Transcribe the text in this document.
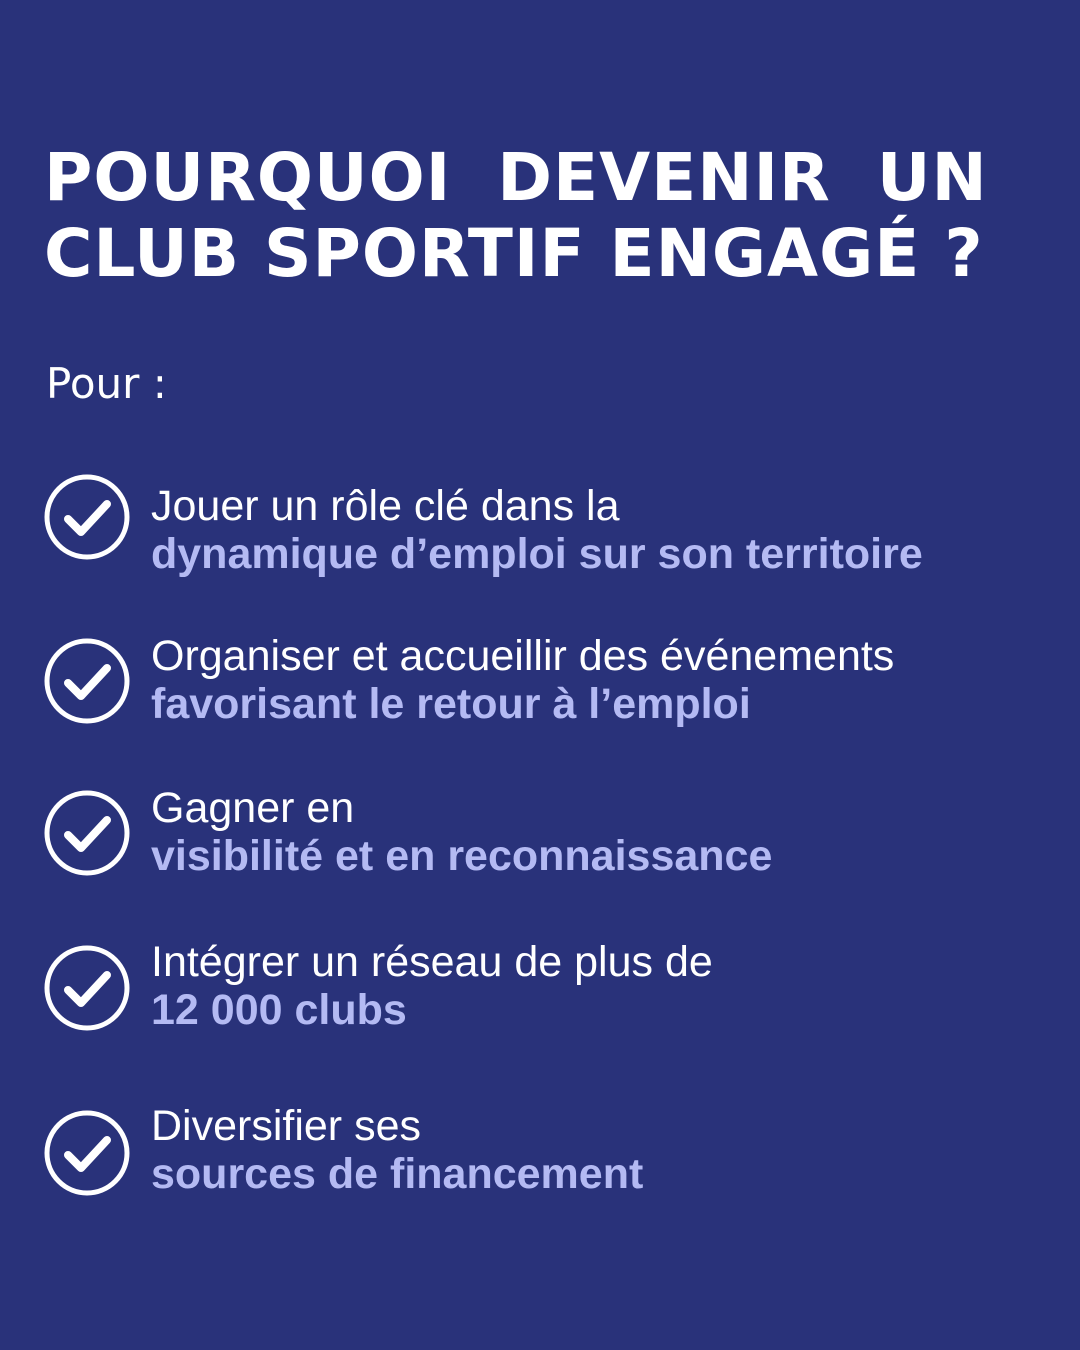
POURQUOI DEVENIR UN
CLUB SPORTIF ENGAGÉ ?

Pour :

Jouer un rôle clé dans la
dynamique d’emploi sur son territoire
Organiser et accueillir des événements
favorisant le retour à l’emploi
Gagner en
visibilité et en reconnaissance
Intégrer un réseau de plus de
12 000 clubs
Diversifier ses
sources de financement
